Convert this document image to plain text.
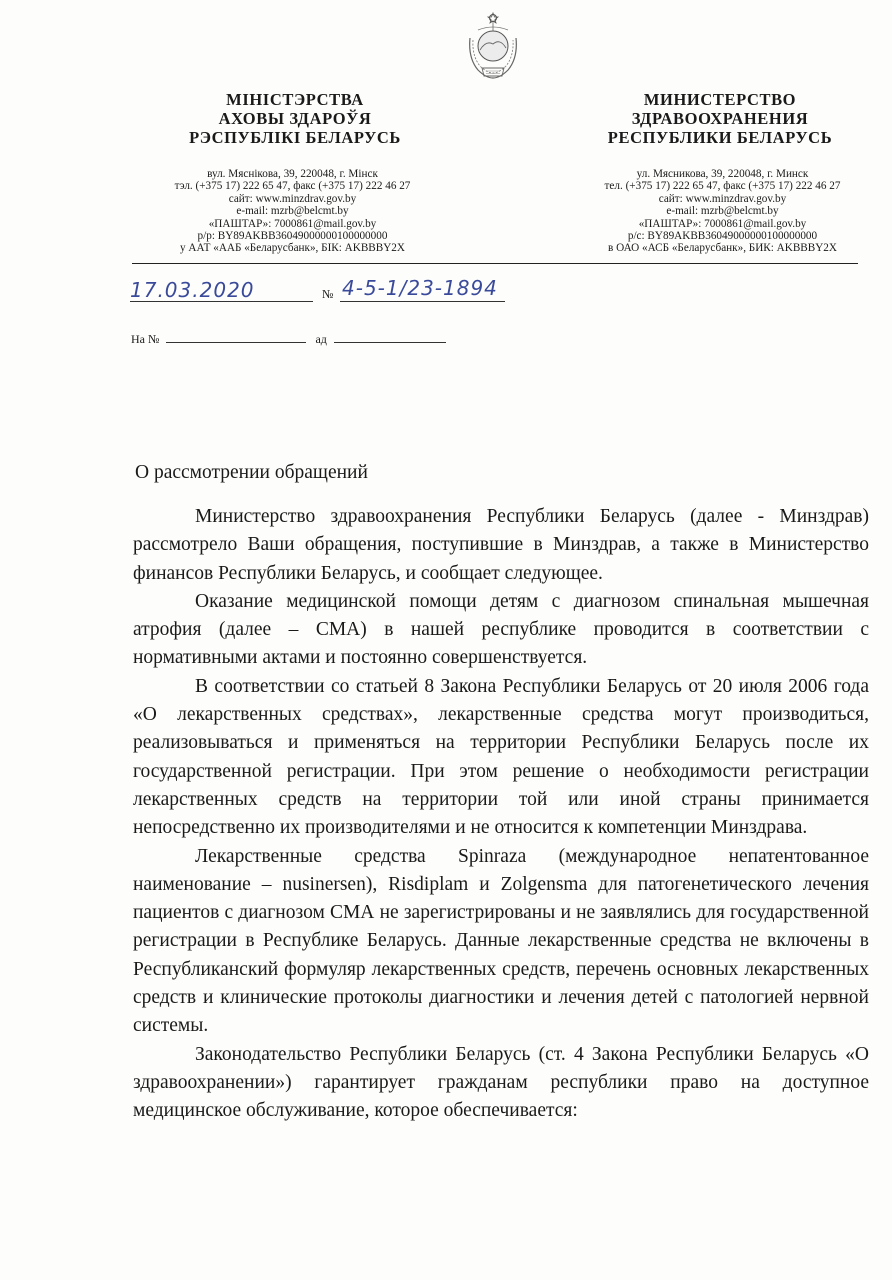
МІНІСТЭРСТВА
АХОВЫ ЗДАРОЎЯ
РЭСПУБЛІКІ БЕЛАРУСЬ
вул. Мяснікова, 39, 220048, г. Мінск
тэл. (+375 17) 222 65 47, факс (+375 17) 222 46 27
сайт: www.minzdrav.gov.by
e-mail: mzrb@belcmt.by
«ПАШТАР»: 7000861@mail.gov.by
р/р: BY89AKBB36049000000100000000
у ААТ «ААБ «Беларусбанк», БІК: AKBBBY2X
МИНИСТЕРСТВО
ЗДРАВООХРАНЕНИЯ
РЕСПУБЛИКИ БЕЛАРУСЬ
ул. Мясникова, 39, 220048, г. Минск
тел. (+375 17) 222 65 47, факс (+375 17) 222 46 27
сайт: www.minzdrav.gov.by
e-mail: mzrb@belcmt.by
«ПАШТАР»: 7000861@mail.gov.by
р/с: BY89AKBB36049000000100000000
в ОАО «АСБ «Беларусбанк», БИК: AKBBBY2X
17.03.2020	№ 4-5-1/23-1894
На №	ад
О рассмотрении обращений

Министерство здравоохранения Республики Беларусь (далее - Минздрав) рассмотрело Ваши обращения, поступившие в Минздрав, а также в Министерство финансов Республики Беларусь, и сообщает следующее.

Оказание медицинской помощи детям с диагнозом спинальная мышечная атрофия (далее – СМА) в нашей республике проводится в соответствии с нормативными актами и постоянно совершенствуется.

В соответствии со статьей 8 Закона Республики Беларусь от 20 июля 2006 года «О лекарственных средствах», лекарственные средства могут производиться, реализовываться и применяться на территории Республики Беларусь после их государственной регистрации. При этом решение о необходимости регистрации лекарственных средств на территории той или иной страны принимается непосредственно их производителями и не относится к компетенции Минздрава.

Лекарственные средства Spinraza (международное непатентованное наименование – nusinersen), Risdiplam и Zolgensma для патогенетического лечения пациентов с диагнозом СМА не зарегистрированы и не заявлялись для государственной регистрации в Республике Беларусь. Данные лекарственные средства не включены в Республиканский формуляр лекарственных средств, перечень основных лекарственных средств и клинические протоколы диагностики и лечения детей с патологией нервной системы.

Законодательство Республики Беларусь (ст. 4 Закона Республики Беларусь «О здравоохранении») гарантирует гражданам республики право на доступное медицинское обслуживание, которое обеспечивается:
